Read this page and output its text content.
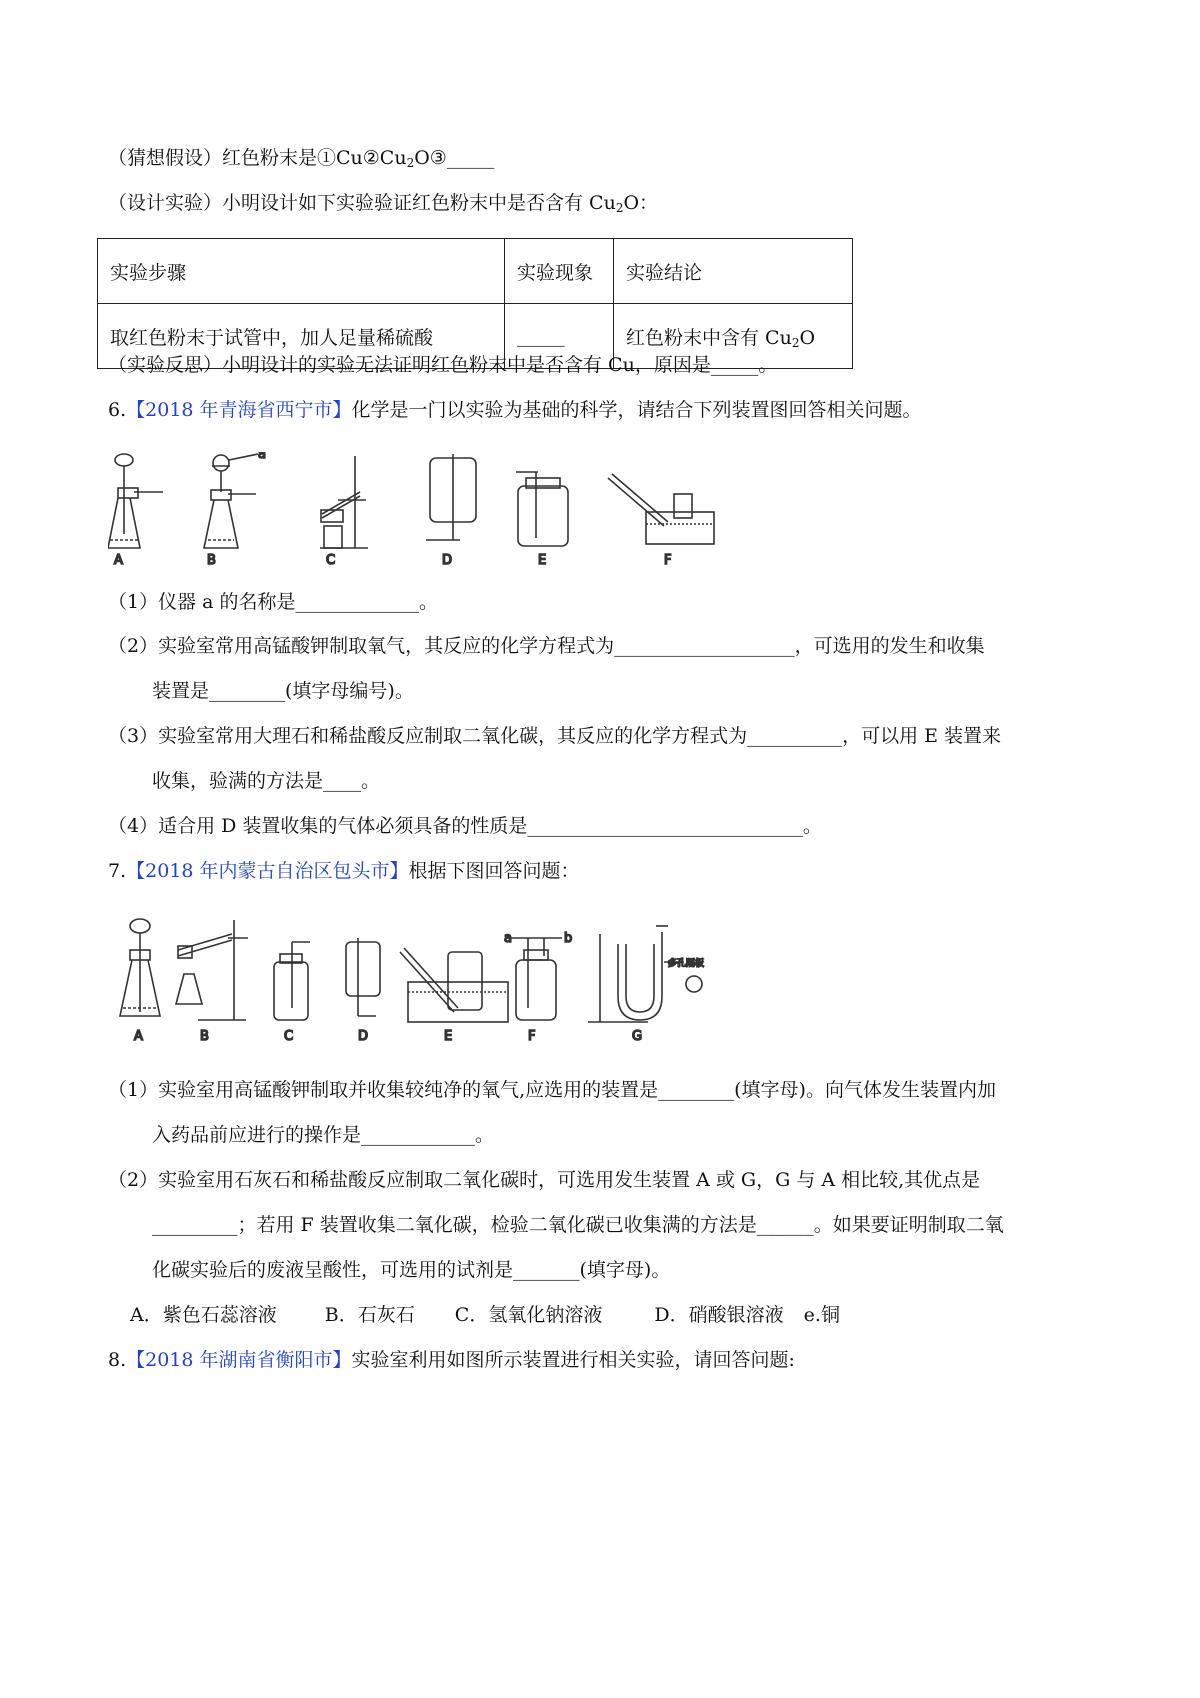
（猜想假设）红色粉末是$①Cu②Cu_2O③\_\_\_\_\_$
（设计实验）小明设计如下实验验证红色粉末中是否含有 $Cu_2O$：
实验步骤	实验现象	实验结论
取红色粉末于试管中，加人足量稀硫酸	_____	红色粉末中含有 $Cu_2O$
（实验反思）小明设计的实验无法证明红色粉末中是否含有 Cu，原因是_____。
6.【2018 年青海省西宁市】化学是一门以实验为基础的科学，请结合下列装置图回答相关问题。
A
a
B	C	D	E	F
（1）仪器 a 的名称是_____________。
（2）实验室常用高锰酸钾制取氧气，其反应的化学方程式为___________________，可选用的发生和收集
装置是________(填字母编号)。
（3）实验室常用大理石和稀盐酸反应制取二氧化碳，其反应的化学方程式为__________，可以用 E 装置来
收集，验满的方法是____。
（4）适合用 D 装置收集的气体必须具备的性质是_____________________________。
7.【2018 年内蒙古自治区包头市】根据下图回答问题：
A	B	C	D	E
a	b
F
多孔隔板
G
（1）实验室用高锰酸钾制取并收集较纯净的氧气,应选用的装置是________(填字母)。向气体发生装置内加
入药品前应进行的操作是____________。
（2）实验室用石灰石和稀盐酸反应制取二氧化碳时，可选用发生装置 A 或 G，G 与 A 相比较,其优点是
_________；若用 F 装置收集二氧化碳，检验二氧化碳已收集满的方法是______。如果要证明制取二氧
化碳实验后的废液呈酸性，可选用的试剂是_______(填字母)。
A．紫色石蕊溶液	B．石灰石 C．氢氧化钠溶液	D．硝酸银溶液 e.铜
8.【2018 年湖南省衡阳市】实验室利用如图所示装置进行相关实验，请回答问题:
